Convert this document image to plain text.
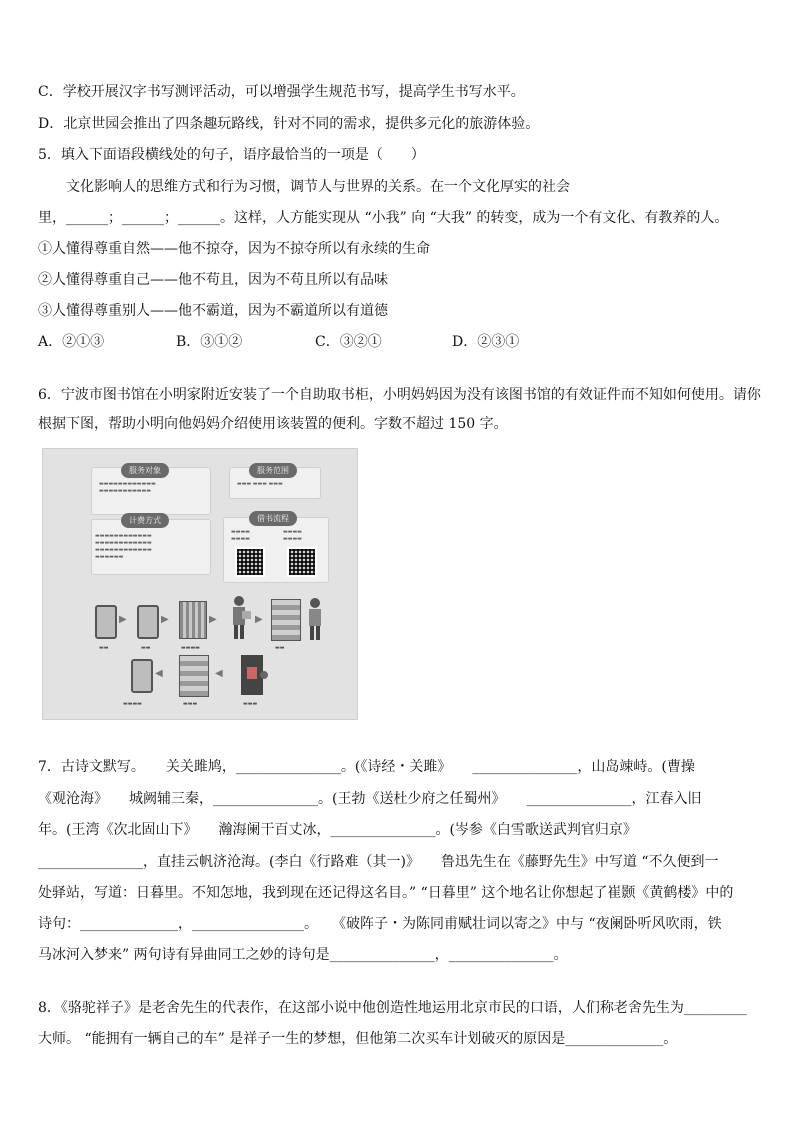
C．学校开展汉字书写测评活动，可以增强学生规范书写，提高学生书写水平。
D．北京世园会推出了四条趣玩路线，针对不同的需求，提供多元化的旅游体验。
5．填入下面语段横线处的句子，语序最恰当的一项是（　　）
文化影响人的思维方式和行为习惯，调节人与世界的关系。在一个文化厚实的社会
里，______；______；______。这样，人方能实现从 “小我” 向 “大我” 的转变，成为一个有文化、有教养的人。
①人懂得尊重自然——他不掠夺，因为不掠夺所以有永续的生命
②人懂得尊重自己——他不苟且，因为不苟且所以有品味
③人懂得尊重别人——他不霸道，因为不霸道所以有道德
A．②①③	B．③①②	C．③②①	D．②③①
6．宁波市图书馆在小明家附近安装了一个自助取书柜，小明妈妈因为没有该图书馆的有效证件而不知如何使用。请你
根据下图，帮助小明向他妈妈介绍使用该装置的便利。字数不超过 150 字。
服务对象
▬▬▬▬▬▬▬▬▬▬▬▬
▬▬▬▬▬▬▬▬▬▬▬
服务范围
▬▬▬ ▬▬▬ ▬▬▬
计费方式
▬▬▬▬▬▬▬▬▬▬▬▬
▬▬▬▬▬▬▬▬▬▬▬▬
▬▬▬▬▬▬▬▬▬▬▬▬
▬▬▬▬▬▬
借书流程
▬▬▬▬
▬▬▬▬
▬▬▬▬
▬▬▬▬
▶	▶	▶	▶
▬▬	▬▬	▬▬▬▬	▬▬
◀	◀
▬▬▬▬	▬▬▬	▬▬▬
7．古诗文默写。　　关关雎鸠，_______________。(《诗经・关雎》　　_______________，山岛竦峙。(曹操
《观沧海》　　城阙辅三秦，_______________。(王勃《送杜少府之任蜀州》　　_______________，江春入旧
年。(王湾《次北固山下》　　瀚海阑干百丈冰，_______________。(岑参《白雪歌送武判官归京》
_______________，直挂云帆济沧海。(李白《行路难（其一)》　　鲁迅先生在《藤野先生》中写道 “不久便到一
处驿站，写道：日暮里。不知怎地，我到现在还记得这名目。” “日暮里” 这个地名让你想起了崔颢《黄鹤楼》中的
诗句：______________，________________。　　《破阵子・为陈同甫赋壮词以寄之》中与 “夜阑卧听风吹雨，铁
马冰河入梦来” 两句诗有异曲同工之妙的诗句是_______________，_______________。
8．《骆驼祥子》是老舍先生的代表作，在这部小说中他创造性地运用北京市民的口语，人们称老舍先生为_________
大师。 “能拥有一辆自己的车” 是祥子一生的梦想，但他第二次买车计划破灭的原因是______________。
